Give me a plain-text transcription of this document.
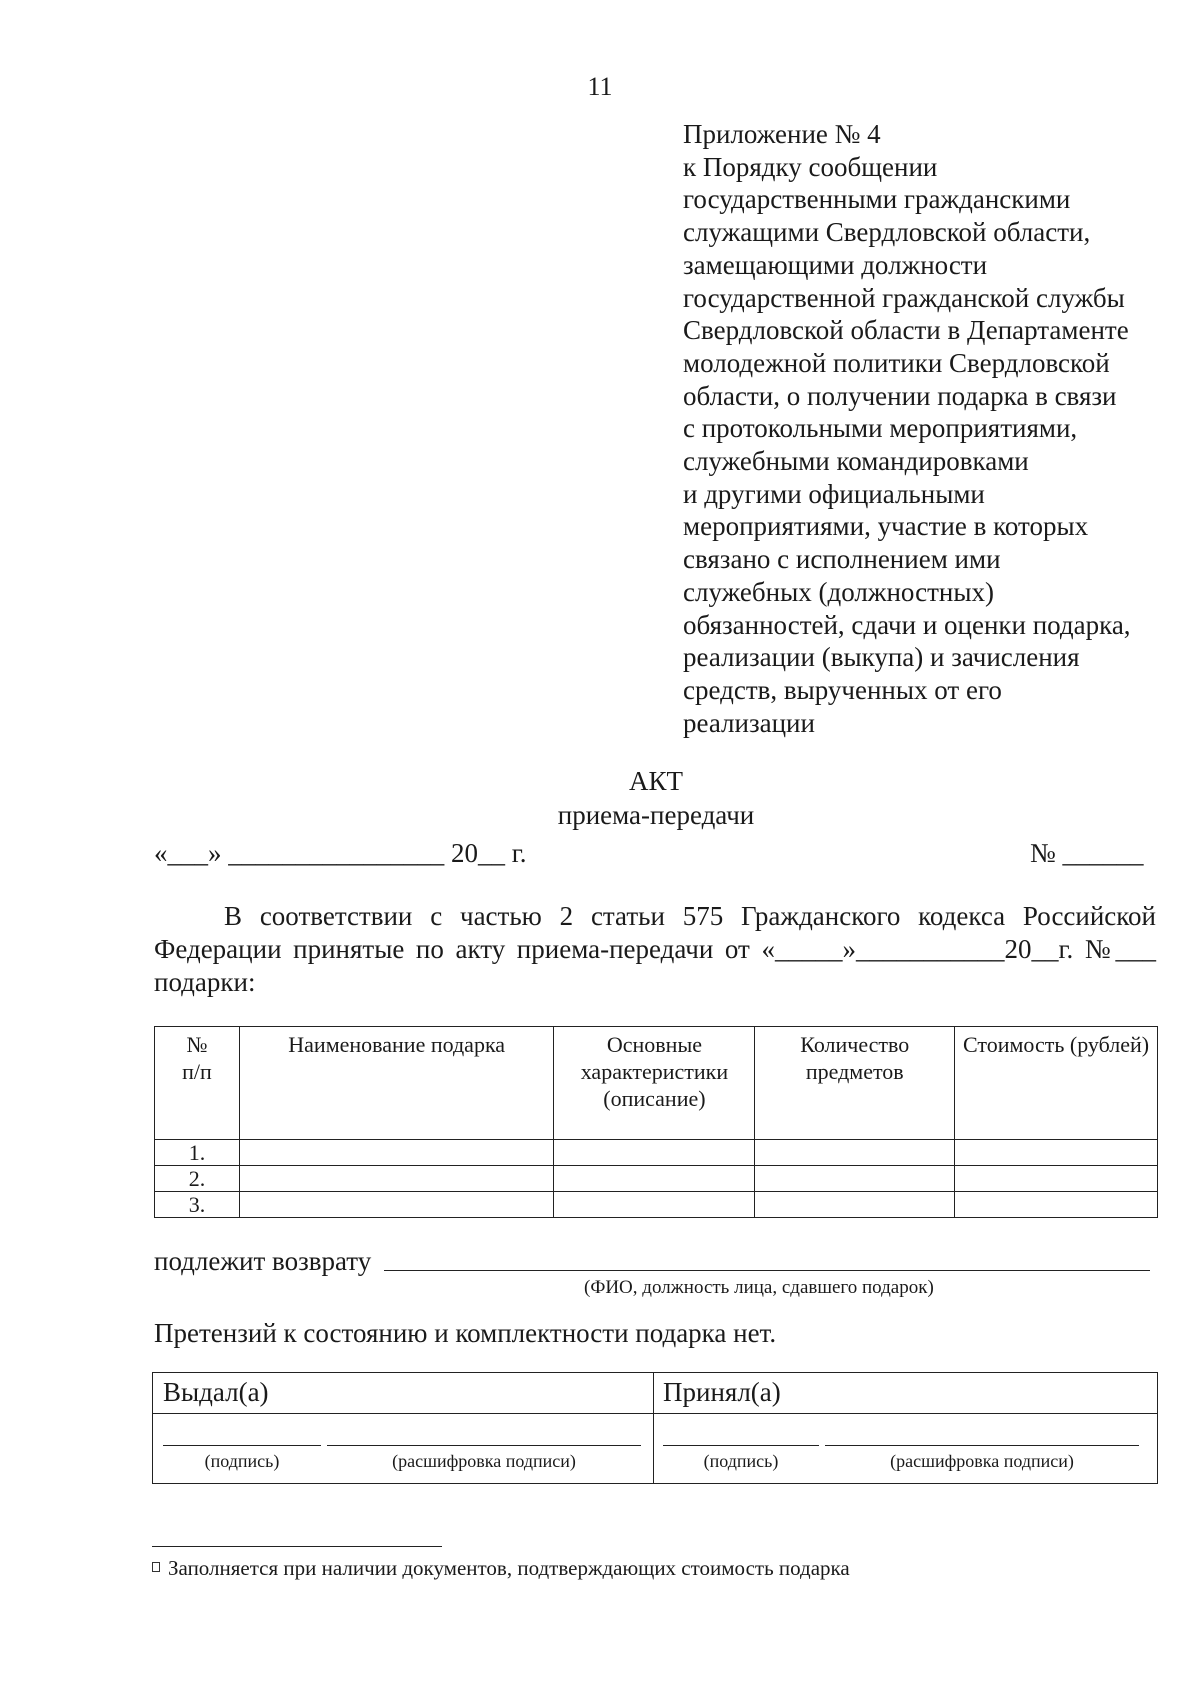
11
Приложение № 4
к Порядку сообщении
государственными гражданскими
служащими Свердловской области,
замещающими должности
государственной гражданской службы
Свердловской области в Департаменте
молодежной политики Свердловской
области, о получении подарка в связи
с протокольными мероприятиями,
служебными командировками
и другими официальными
мероприятиями, участие в которых
связано с исполнением ими
служебных (должностных)
обязанностей, сдачи и оценки подарка,
реализации (выкупа) и зачисления
средств, вырученных от его
реализации
АКТ
приема-передачи
«___» ________________ 20__ г.	№ ______
В соответствии с частью 2 статьи 575 Гражданского кодекса Российской
Федерации принятые по акту приема-передачи от «_____»___________20__г. №___
подарки:
№
п/п	Наименование подарка	Основные характеристики (описание)	Количество предметов	Стоимость (рублей)
1.				
2.				
3.				
подлежит возврату
(ФИО, должность лица, сдавшего подарок)
Претензий к состоянию и комплектности подарка нет.
Выдал(а)	Принял(а)
(подпись)	(расшифровка подписи)	(подпись)	(расшифровка подписи)
Заполняется при наличии документов, подтверждающих стоимость подарка
